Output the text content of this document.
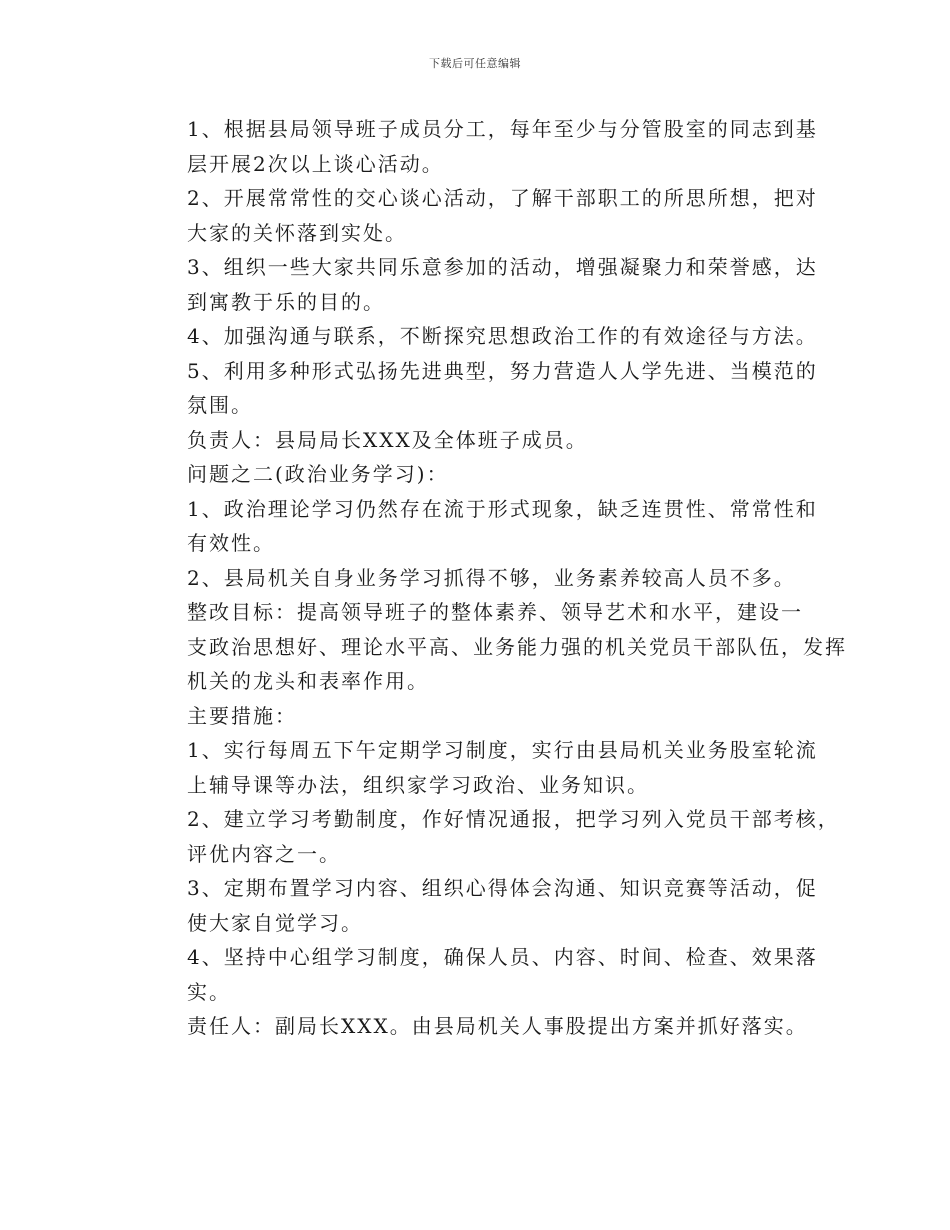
下载后可任意编辑
1、根据县局领导班子成员分工，每年至少与分管股室的同志到基
层开展2次以上谈心活动。
2、开展常常性的交心谈心活动，了解干部职工的所思所想，把对
大家的关怀落到实处。
3、组织一些大家共同乐意参加的活动，增强凝聚力和荣誉感，达
到寓教于乐的目的。
4、加强沟通与联系，不断探究思想政治工作的有效途径与方法。
5、利用多种形式弘扬先进典型，努力营造人人学先进、当模范的
氛围。
负责人：县局局长XXX及全体班子成员。
问题之二(政治业务学习)：
1、政治理论学习仍然存在流于形式现象，缺乏连贯性、常常性和
有效性。
2、县局机关自身业务学习抓得不够，业务素养较高人员不多。
整改目标：提高领导班子的整体素养、领导艺术和水平，建设一
支政治思想好、理论水平高、业务能力强的机关党员干部队伍，发挥
机关的龙头和表率作用。
主要措施：
1、实行每周五下午定期学习制度，实行由县局机关业务股室轮流
上辅导课等办法，组织家学习政治、业务知识。
2、建立学习考勤制度，作好情况通报，把学习列入党员干部考核，
评优内容之一。
3、定期布置学习内容、组织心得体会沟通、知识竞赛等活动，促
使大家自觉学习。
4、坚持中心组学习制度，确保人员、内容、时间、检查、效果落
实。
责任人：副局长XXX。由县局机关人事股提出方案并抓好落实。
